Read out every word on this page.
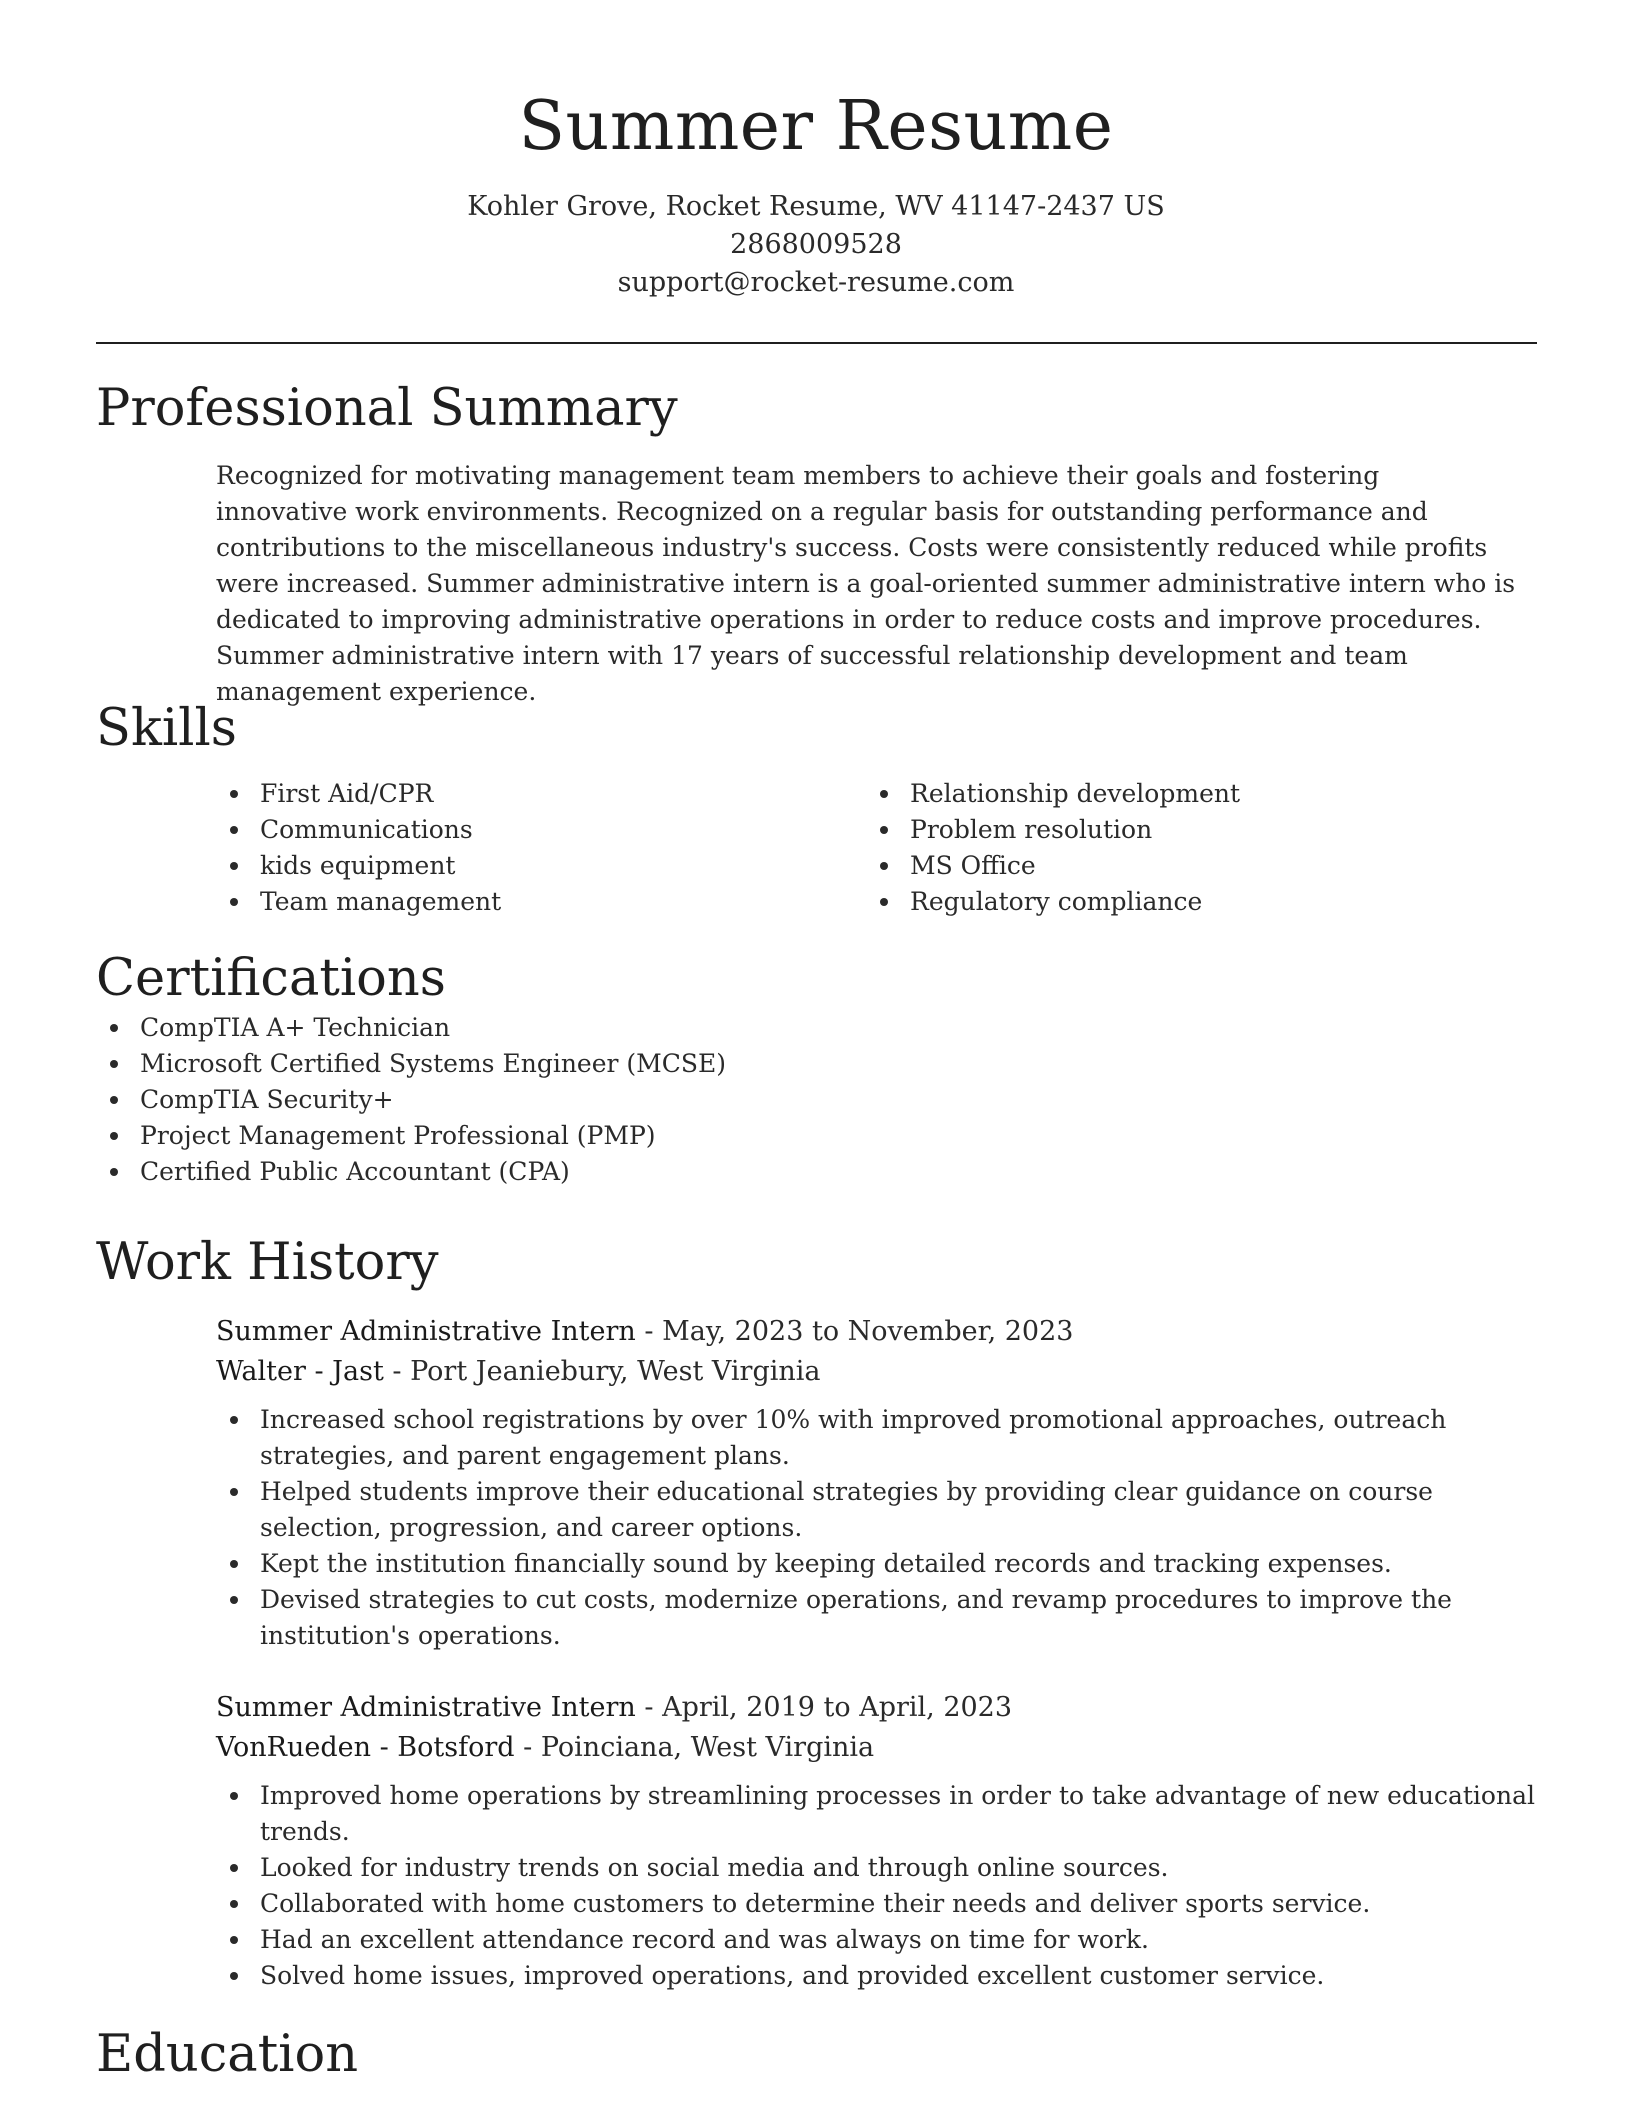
Summer Resume
Kohler Grove, Rocket Resume, WV 41147-2437 US
2868009528
support@rocket-resume.com
Professional Summary

Recognized for motivating management team members to achieve their goals and fostering innovative work environments. Recognized on a regular basis for outstanding performance and contributions to the miscellaneous industry's success. Costs were consistently reduced while profits were increased. Summer administrative intern is a goal-oriented summer administrative intern who is dedicated to improving administrative operations in order to reduce costs and improve procedures. Summer administrative intern with 17 years of successful relationship development and team management experience.

Skills
First Aid/CPR
Communications
kids equipment
Team management
Relationship development
Problem resolution
MS Office
Regulatory compliance
Certifications
CompTIA A+ Technician
Microsoft Certified Systems Engineer (MCSE)
CompTIA Security+
Project Management Professional (PMP)
Certified Public Accountant (CPA)
Work History
Summer Administrative Intern - May, 2023 to November, 2023
Walter - Jast - Port Jeaniebury, West Virginia
Increased school registrations by over 10% with improved promotional approaches, outreach strategies, and parent engagement plans.
Helped students improve their educational strategies by providing clear guidance on course selection, progression, and career options.
Kept the institution financially sound by keeping detailed records and tracking expenses.
Devised strategies to cut costs, modernize operations, and revamp procedures to improve the institution's operations.
Summer Administrative Intern - April, 2019 to April, 2023
VonRueden - Botsford - Poinciana, West Virginia
Improved home operations by streamlining processes in order to take advantage of new educational trends.
Looked for industry trends on social media and through online sources.
Collaborated with home customers to determine their needs and deliver sports service.
Had an excellent attendance record and was always on time for work.
Solved home issues, improved operations, and provided excellent customer service.
Education
